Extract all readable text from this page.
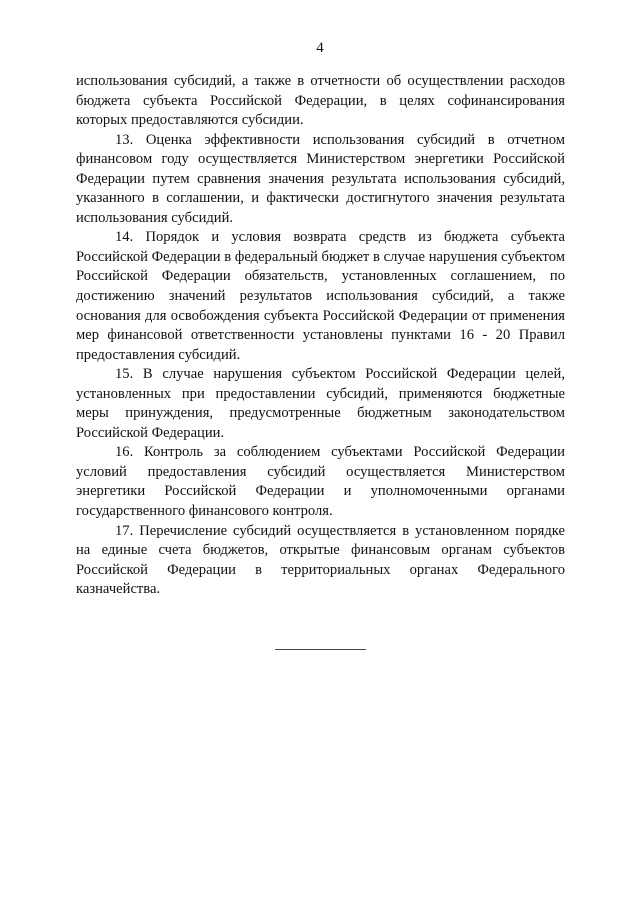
4

использования субсидий, а также в отчетности об осуществлении расходов бюджета субъекта Российской Федерации, в целях софинансирования которых предоставляются субсидии.

13. Оценка эффективности использования субсидий в отчетном финансовом году осуществляется Министерством энергетики Российской Федерации путем сравнения значения результата использования субсидий, указанного в соглашении, и фактически достигнутого значения результата использования субсидий.

14. Порядок и условия возврата средств из бюджета субъекта Российской Федерации в федеральный бюджет в случае нарушения субъектом Российской Федерации обязательств, установленных соглашением, по достижению значений результатов использования субсидий, а также основания для освобождения субъекта Российской Федерации от применения мер финансовой ответственности установлены пунктами 16 - 20 Правил предоставления субсидий.

15. В случае нарушения субъектом Российской Федерации целей, установленных при предоставлении субсидий, применяются бюджетные меры принуждения, предусмотренные бюджетным законодательством Российской Федерации.

16. Контроль за соблюдением субъектами Российской Федерации условий предоставления субсидий осуществляется Министерством энергетики Российской Федерации и уполномоченными органами государственного финансового контроля.

17. Перечисление субсидий осуществляется в установленном порядке на единые счета бюджетов, открытые финансовым органам субъектов Российской Федерации в территориальных органах Федерального казначейства.
